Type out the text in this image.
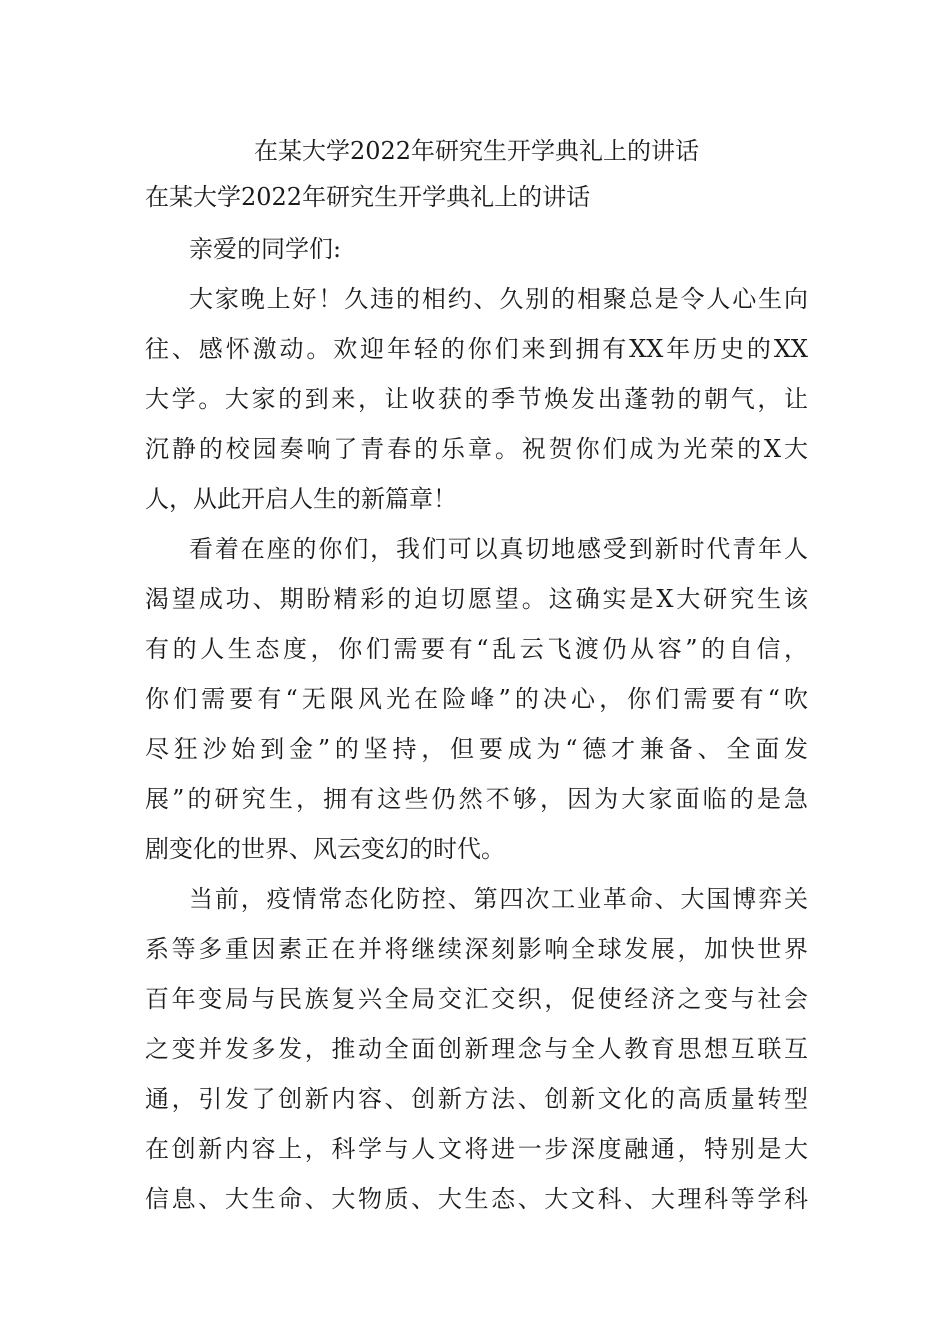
在某大学2022年研究生开学典礼上的讲话
在某大学2022年研究生开学典礼上的讲话
亲爱的同学们:
大家晚上好！久违的相约、久别的相聚总是令人心生向
往、感怀激动。欢迎年轻的你们来到拥有XX年历史的XX
大学。大家的到来，让收获的季节焕发出蓬勃的朝气，让
沉静的校园奏响了青春的乐章。祝贺你们成为光荣的X大
人，从此开启人生的新篇章！
看着在座的你们，我们可以真切地感受到新时代青年人
渴望成功、期盼精彩的迫切愿望。这确实是X大研究生该
有的人生态度，你们需要有“乱云飞渡仍从容”的自信，
你们需要有“无限风光在险峰”的决心，你们需要有“吹
尽狂沙始到金”的坚持，但要成为“德才兼备、全面发
展”的研究生，拥有这些仍然不够，因为大家面临的是急
剧变化的世界、风云变幻的时代。
当前，疫情常态化防控、第四次工业革命、大国博弈关
系等多重因素正在并将继续深刻影响全球发展，加快世界
百年变局与民族复兴全局交汇交织，促使经济之变与社会
之变并发多发，推动全面创新理念与全人教育思想互联互
通，引发了创新内容、创新方法、创新文化的高质量转型
在创新内容上，科学与人文将进一步深度融通，特别是大
信息、大生命、大物质、大生态、大文科、大理科等学科
